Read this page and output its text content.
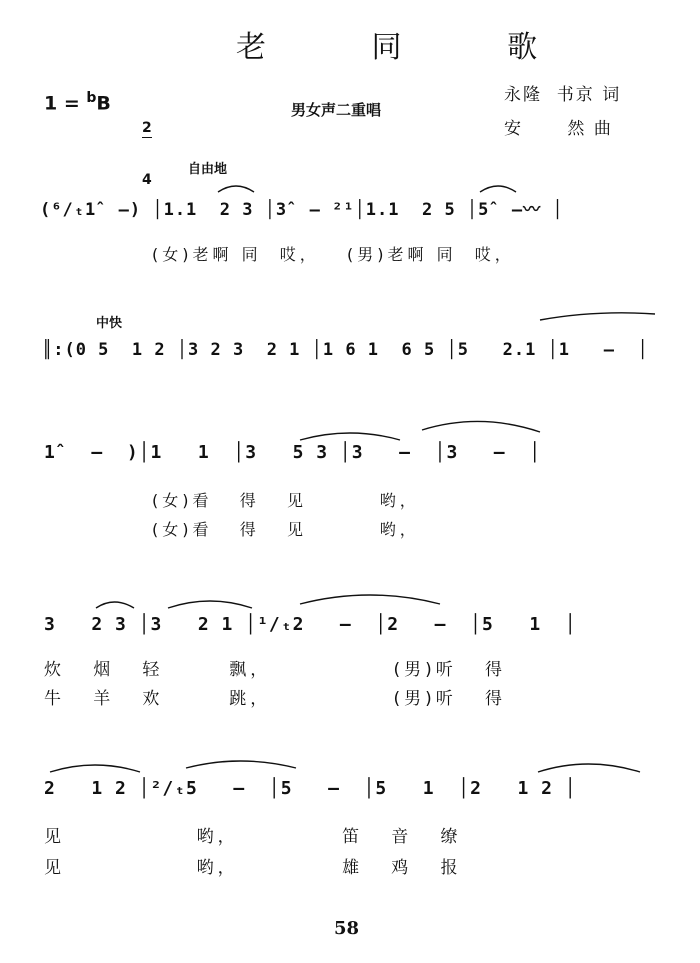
老 同 歌
1 = $^b$B

2

4

男女声二重唱
永隆  书京 词
安      然 曲
自由地
(⁶/ₜ1̂  –) │1.1  2 3 │3̂  – ²¹│1.1  2 5 │5̂  –〰 │
(女)老啊 同  哎，   (男)老啊 同  哎，
中快
║:(0 5  1 2 │3 2 3  2 1 │1 6 1  6 5 │5   2.1 │1   –  │
1̂   –  )│1   1  │3   5 3 │3   –  │3   –  │
(女)看   得   见        哟，
(女)看   得   见        哟，
3   2 3 │3   2 1 │¹/ₜ2   –  │2   –  │5   1  │
炊   烟   轻       飘，             (男)听   得
牛   羊   欢       跳，             (男)听   得
2   1 2 │²/ₜ5   –  │5   –  │5   1  │2   1 2 │
见              哟，           笛   音   缭
见              哟，           雄   鸡   报
58
